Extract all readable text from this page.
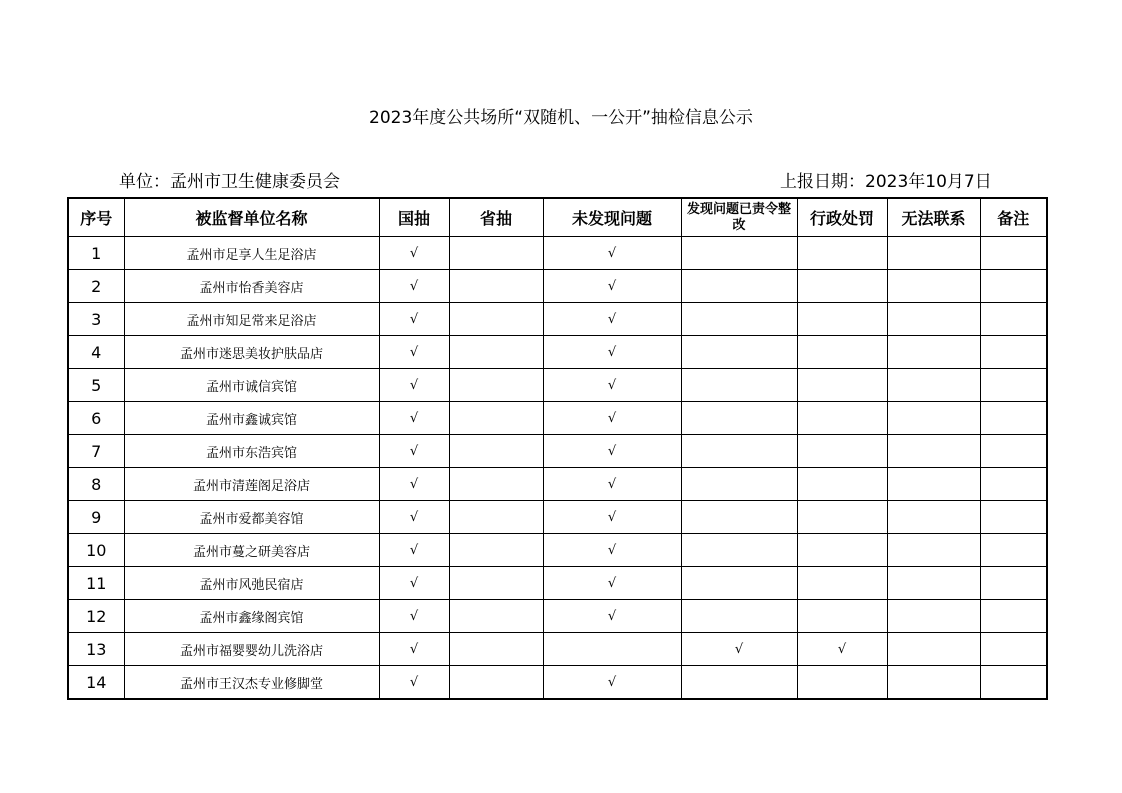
2023年度公共场所“双随机、一公开”抽检信息公示
单位：孟州市卫生健康委员会	上报日期：2023年10月7日
序号	被监督单位名称	国抽	省抽	未发现问题	发现问题已责令整改	行政处罚	无法联系	备注
1	孟州市足享人生足浴店	√		√				
2	孟州市怡香美容店	√		√				
3	孟州市知足常来足浴店	√		√				
4	孟州市迷思美妆护肤品店	√		√				
5	孟州市诚信宾馆	√		√				
6	孟州市鑫诚宾馆	√		√				
7	孟州市东浩宾馆	√		√				
8	孟州市清莲阁足浴店	√		√				
9	孟州市爱都美容馆	√		√				
10	孟州市蔓之研美容店	√		√				
11	孟州市风弛民宿店	√		√				
12	孟州市鑫缘阁宾馆	√		√				
13	孟州市福婴婴幼儿洗浴店	√			√	√		
14	孟州市王汉杰专业修脚堂	√		√				
